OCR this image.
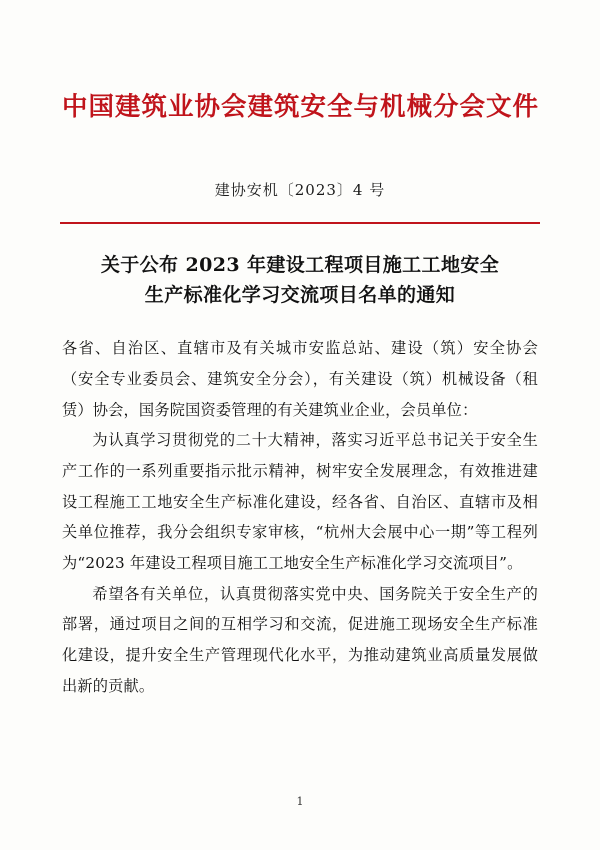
中国建筑业协会建筑安全与机械分会文件
建协安机〔2023〕4 号
关于公布 2023 年建设工程项目施工工地安全
生产标准化学习交流项目名单的通知

各省、自治区、直辖市及有关城市安监总站、建设（筑）安全协会（安全专业委员会、建筑安全分会），有关建设（筑）机械设备（租赁）协会，国务院国资委管理的有关建筑业企业，会员单位：

为认真学习贯彻党的二十大精神，落实习近平总书记关于安全生产工作的一系列重要指示批示精神，树牢安全发展理念，有效推进建设工程施工工地安全生产标准化建设，经各省、自治区、直辖市及相关单位推荐，我分会组织专家审核，“杭州大会展中心一期”等工程列为“2023 年建设工程项目施工工地安全生产标准化学习交流项目”。

希望各有关单位，认真贯彻落实党中央、国务院关于安全生产的部署，通过项目之间的互相学习和交流，促进施工现场安全生产标准化建设，提升安全生产管理现代化水平，为推动建筑业高质量发展做出新的贡献。

1
